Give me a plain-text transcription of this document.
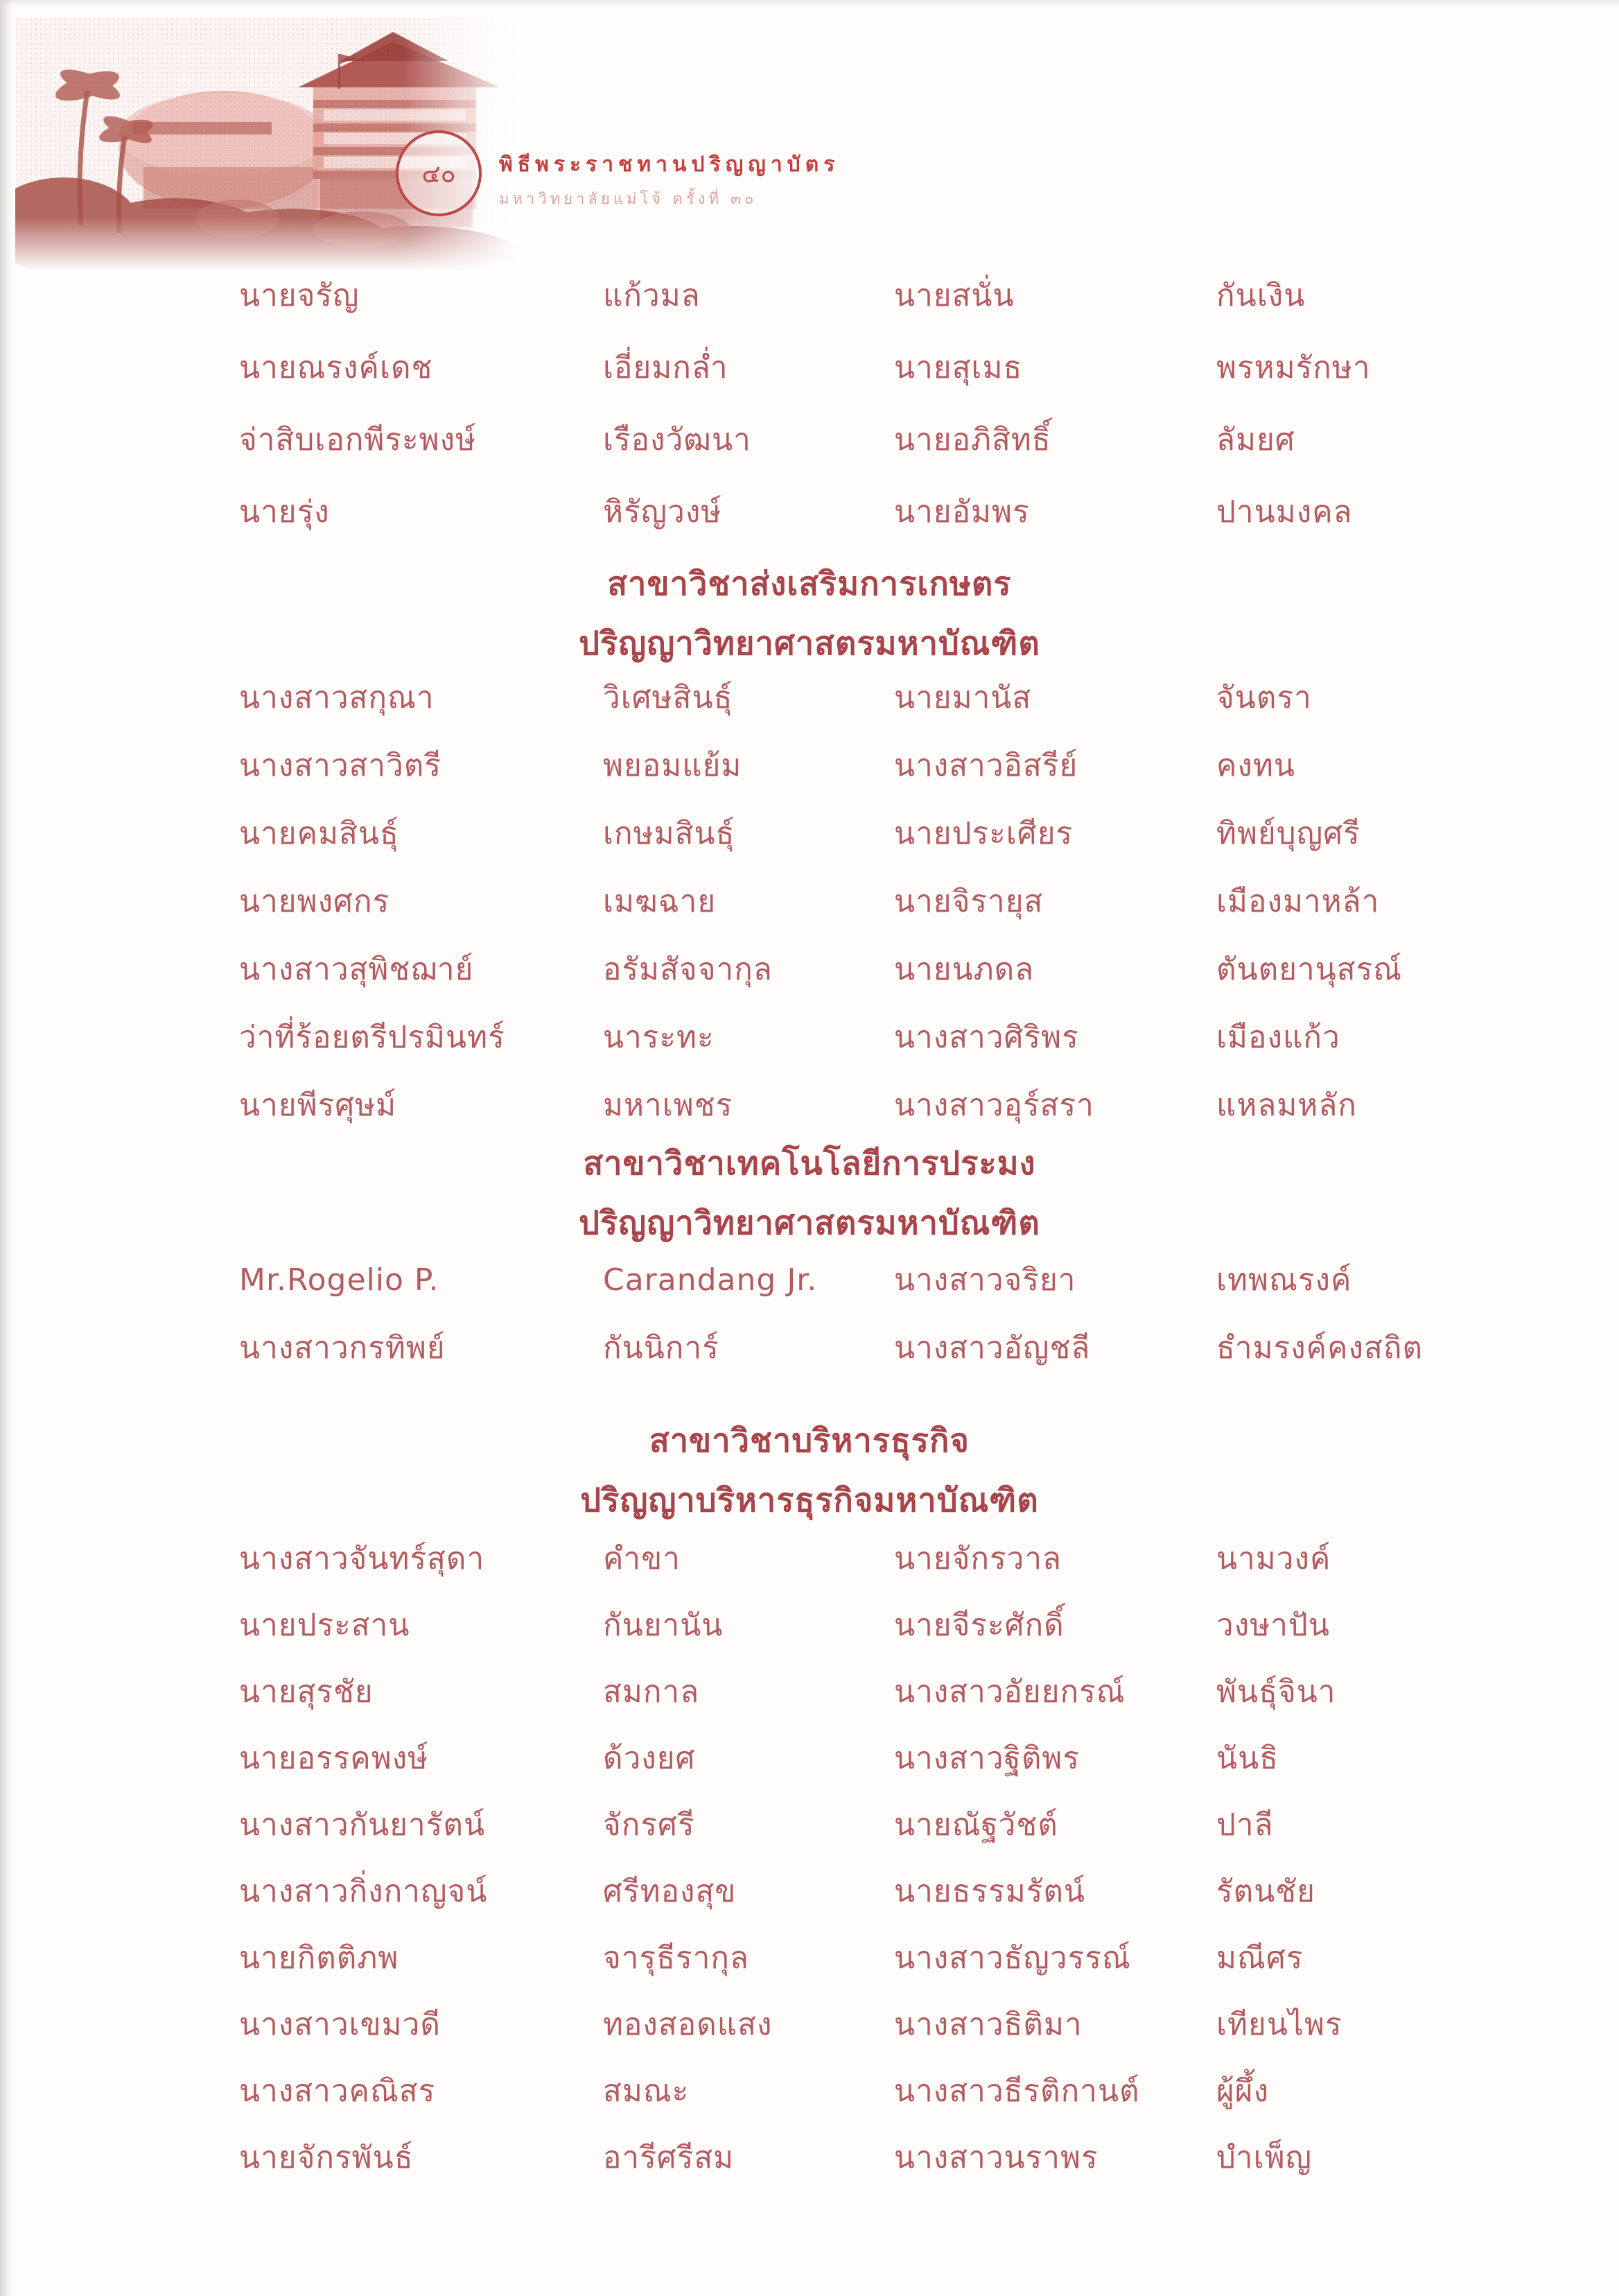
๔๐ พิธีพระราชทานปริญญาบัตร
มหาวิทยาลัยแม่โจ้ ครั้งที่ ๓๐
นายจรัญ	แก้วมล	นายสนั่น	กันเงิน
นายณรงค์เดช	เอี่ยมกล่ำ	นายสุเมธ	พรหมรักษา
จ่าสิบเอกพีระพงษ์	เรืองวัฒนา	นายอภิสิทธิ์	ลัมยศ
นายรุ่ง	หิรัญวงษ์	นายอัมพร	ปานมงคล
สาขาวิชาส่งเสริมการเกษตร
ปริญญาวิทยาศาสตรมหาบัณฑิต
นางสาวสกุณา	วิเศษสินธุ์	นายมานัส	จันตรา
นางสาวสาวิตรี	พยอมแย้ม	นางสาวอิสรีย์	คงทน
นายคมสินธุ์	เกษมสินธุ์	นายประเศียร	ทิพย์บุญศรี
นายพงศกร	เมฆฉาย	นายจิรายุส	เมืองมาหล้า
นางสาวสุพิชฌาย์	อรัมสัจจากุล	นายนภดล	ตันตยานุสรณ์
ว่าที่ร้อยตรีปรมินทร์	นาระทะ	นางสาวศิริพร	เมืองแก้ว
นายพีรศุษม์	มหาเพชร	นางสาวอุร์สรา	แหลมหลัก
สาขาวิชาเทคโนโลยีการประมง
ปริญญาวิทยาศาสตรมหาบัณฑิต
Mr.Rogelio P.	Carandang Jr.	นางสาวจริยา	เทพณรงค์
นางสาวกรทิพย์	กันนิการ์	นางสาวอัญชลี	ธำมรงค์คงสถิต
สาขาวิชาบริหารธุรกิจ
ปริญญาบริหารธุรกิจมหาบัณฑิต
นางสาวจันทร์สุดา	คำขา	นายจักรวาล	นามวงค์
นายประสาน	กันยานัน	นายจีระศักดิ์	วงษาปัน
นายสุรชัย	สมกาล	นางสาวอัยยกรณ์	พันธุ์จินา
นายอรรคพงษ์	ด้วงยศ	นางสาวฐิติพร	นันธิ
นางสาวกันยารัตน์	จักรศรี	นายณัฐวัชต์	ปาลี
นางสาวกิ่งกาญจน์	ศรีทองสุข	นายธรรมรัตน์	รัตนชัย
นายกิตติภพ	จารุธีรากุล	นางสาวธัญวรรณ์	มณีศร
นางสาวเขมวดี	ทองสอดแสง	นางสาวธิติมา	เทียนไพร
นางสาวคณิสร	สมณะ	นางสาวธีรติกานต์	ผู้ผึ้ง
นายจักรพันธ์	อารีศรีสม	นางสาวนราพร	บำเพ็ญ
